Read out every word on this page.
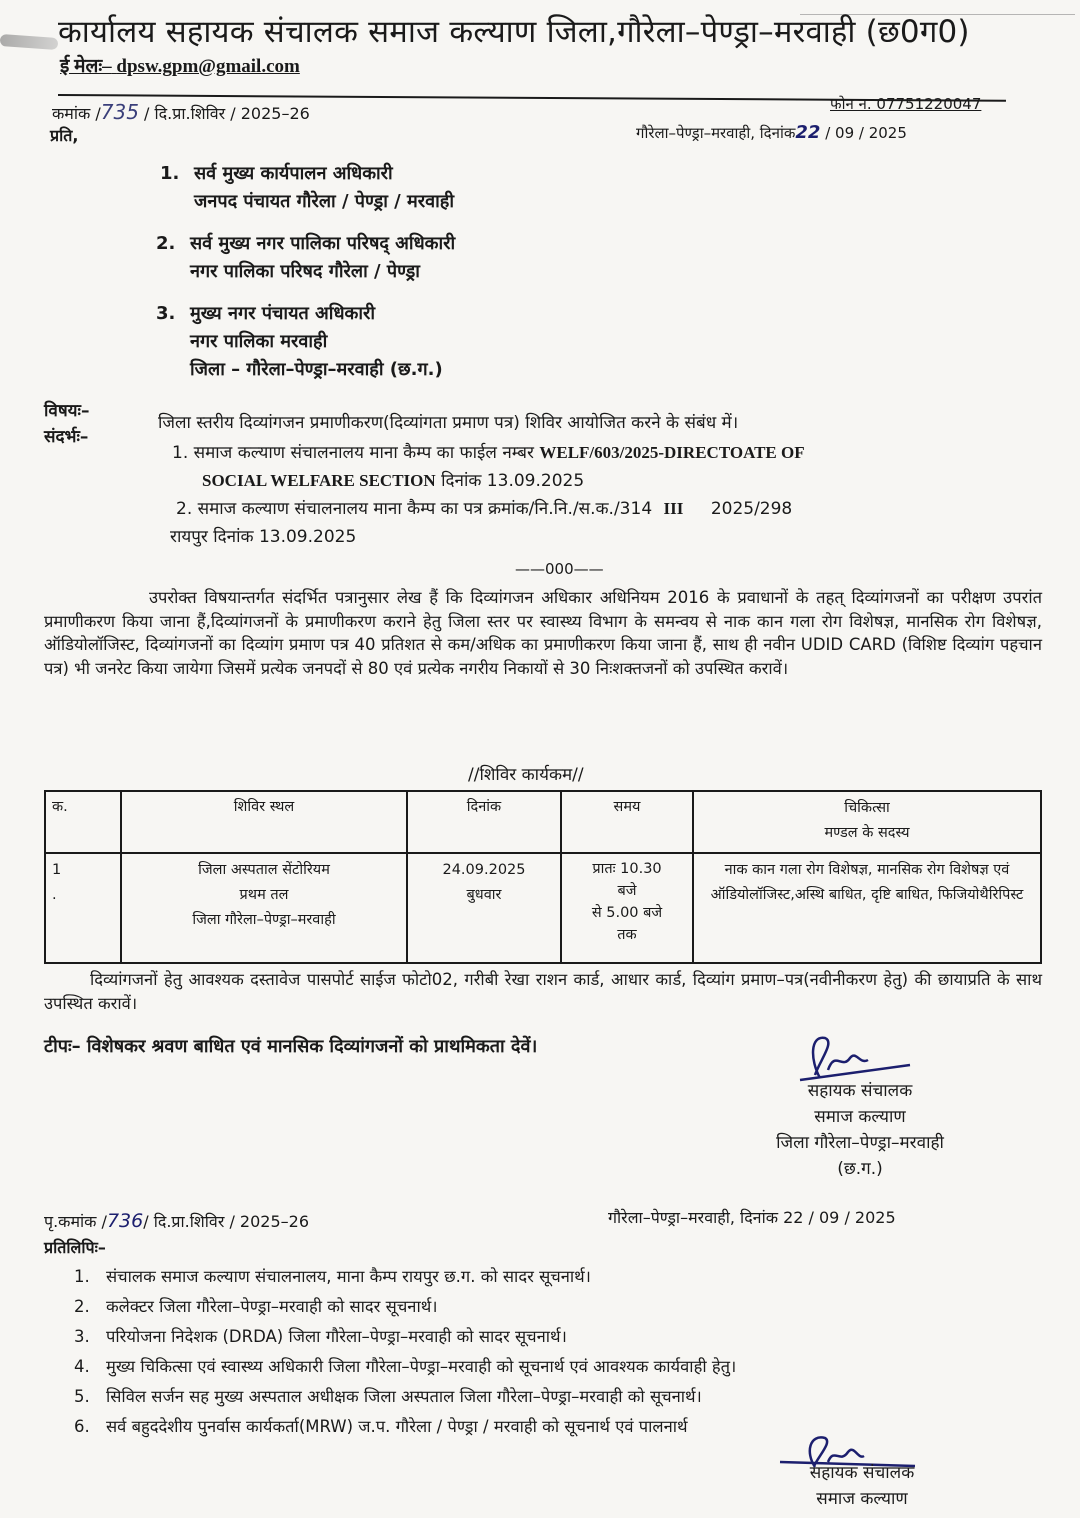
कार्यालय सहायक संचालक समाज कल्याण जिला,गौरेला–पेण्ड्रा–मरवाही (छ0ग0)
ई मेलः– dpsw.gpm@gmail.com
फोन न. 07751220047
कमांक /735 / दि.प्रा.शिविर / 2025–26
गौरेला–पेण्ड्रा–मरवाही, दिनांक22 / 09 / 2025
प्रति,
1. सर्व मुख्य कार्यपालन अधिकारी
जनपद पंचायत गौरेला / पेण्ड्रा / मरवाही
2. सर्व मुख्य नगर पालिका परिषद् अधिकारी
नगर पालिका परिषद गौरेला / पेण्ड्रा
3. मुख्य नगर पंचायत अधिकारी
नगर पालिका मरवाही
जिला – गौरेला–पेण्ड्रा–मरवाही (छ.ग.)
विषयः–
जिला स्तरीय दिव्यांगजन प्रमाणीकरण(दिव्यांगता प्रमाण पत्र) शिविर आयोजित करने के संबंध में।
संदर्भः–
1. समाज कल्याण संचालनालय माना कैम्प का फाईल नम्बर WELF/603/2025-DIRECTOATE OF
SOCIAL WELFARE SECTION दिनांक 13.09.2025
2. समाज कल्याण संचालनालय माना कैम्प का पत्र क्रमांक/नि.नि./स.क./314 III 2025/298
रायपुर दिनांक 13.09.2025
——000——
उपरोक्त विषयान्तर्गत संदर्भित पत्रानुसार लेख हैं कि दिव्यांगजन अधिकार अधिनियम 2016 के प्रवाधानों के तहत् दिव्यांगजनों का परीक्षण उपरांत प्रमाणीकरण किया जाना हैं,दिव्यांगजनों के प्रमाणीकरण कराने हेतु जिला स्तर पर स्वास्थ्य विभाग के समन्वय से नाक कान गला रोग विशेषज्ञ, मानसिक रोग विशेषज्ञ, ऑडियोलॉजिस्ट, दिव्यांगजनों का दिव्यांग प्रमाण पत्र 40 प्रतिशत से कम/अधिक का प्रमाणीकरण किया जाना हैं, साथ ही नवीन UDID CARD (विशिष्ट दिव्यांग पहचान पत्र) भी जनरेट किया जायेगा जिसमें प्रत्येक जनपदों से 80 एवं प्रत्येक नगरीय निकायों से 30 निःशक्तजनों को उपस्थित करावें।
//शिविर कार्यकम//
क.	शिविर स्थल	दिनांक	समय	चिकित्सा
मण्डल के सदस्य
1
.	जिला अस्पताल सेंटोरियम
प्रथम तल
जिला गौरेला–पेण्ड्रा–मरवाही	24.09.2025
बुधवार	प्रातः 10.30
बजे
से 5.00 बजे
तक	नाक कान गला रोग विशेषज्ञ, मानसिक रोग विशेषज्ञ एवं ऑडियोलॉजिस्ट,अस्थि बाधित, दृष्टि बाधित, फिजियोथैरिपिस्ट
दिव्यांगजनों हेतु आवश्यक दस्तावेज पासपोर्ट साईज फोटो02, गरीबी रेखा राशन कार्ड, आधार कार्ड, दिव्यांग प्रमाण–पत्र(नवीनीकरण हेतु) की छायाप्रति के साथ उपस्थित करावें।
टीपः– विशेषकर श्रवण बाधित एवं मानसिक दिव्यांगजनों को प्राथमिकता देवें।
सहायक संचालक
समाज कल्याण
जिला गौरेला–पेण्ड्रा–मरवाही
(छ.ग.)
पृ.कमांक /736/ दि.प्रा.शिविर / 2025–26	गौरेला–पेण्ड्रा–मरवाही, दिनांक 22 / 09 / 2025
प्रतिलिपिः–
1. संचालक समाज कल्याण संचालनालय, माना कैम्प रायपुर छ.ग. को सादर सूचनार्थ।
2. कलेक्टर जिला गौरेला–पेण्ड्रा–मरवाही को सादर सूचनार्थ।
3. परियोजना निदेशक (DRDA) जिला गौरेला–पेण्ड्रा–मरवाही को सादर सूचनार्थ।
4. मुख्य चिकित्सा एवं स्वास्थ्य अधिकारी जिला गौरेला–पेण्ड्रा–मरवाही को सूचनार्थ एवं आवश्यक कार्यवाही हेतु।
5. सिविल सर्जन सह मुख्य अस्पताल अधीक्षक जिला अस्पताल जिला गौरेला–पेण्ड्रा–मरवाही को सूचनार्थ।
6. सर्व बहुददेशीय पुनर्वास कार्यकर्ता(MRW) ज.प. गौरेला / पेण्ड्रा / मरवाही को सूचनार्थ एवं पालनार्थ
सहायक संचालक
समाज कल्याण
